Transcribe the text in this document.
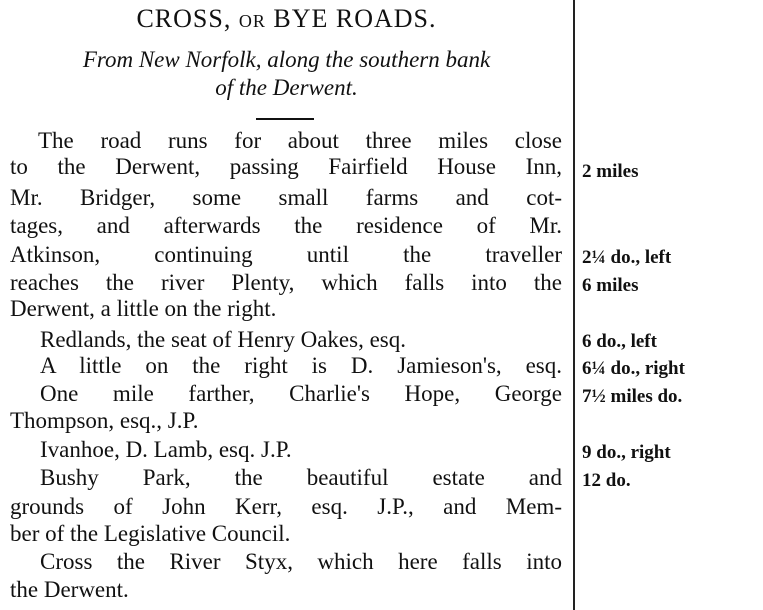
CROSS, OR BYE ROADS.
From New Norfolk, along the southern bank
of the Derwent.
The road runs for about three miles close
to the Derwent, passing Fairfield House Inn,
Mr. Bridger, some small farms and cot-
tages, and afterwards the residence of Mr.
Atkinson, continuing until the traveller
reaches the river Plenty, which falls into the
Derwent, a little on the right.
Redlands, the seat of Henry Oakes, esq.
A little on the right is D. Jamieson's, esq.
One mile farther, Charlie's Hope, George
Thompson, esq., J.P.
Ivanhoe, D. Lamb, esq. J.P.
Bushy Park, the beautiful estate and
grounds of John Kerr, esq. J.P., and Mem-
ber of the Legislative Council.
Cross the River Styx, which here falls into
the Derwent.
2 miles
2¼ do., left
6 miles
6 do., left
6¼ do., right
7½ miles do.
9 do., right
12 do.
